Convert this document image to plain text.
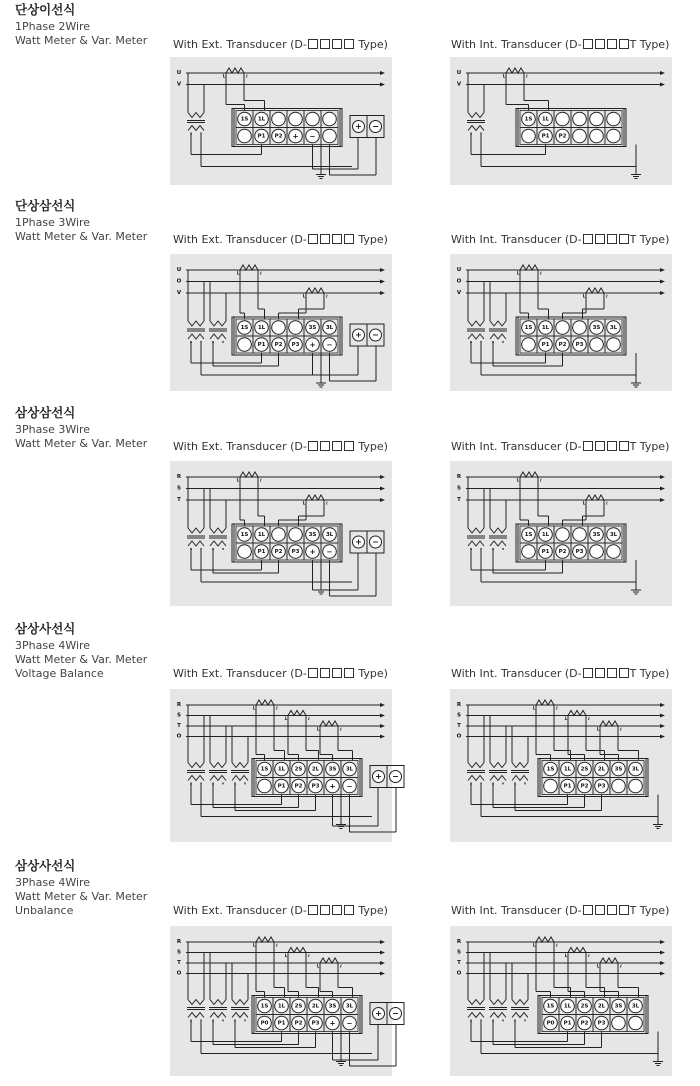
단상이선식
1Phase 2Wire
Watt Meter & Var. Meter
단상삼선식
1Phase 3Wire
Watt Meter & Var. Meter
삼상삼선식
3Phase 3Wire
Watt Meter & Var. Meter
삼상사선식
3Phase 4Wire
Watt Meter & Var. Meter
Voltage Balance
삼상사선식
3Phase 4Wire
Watt Meter & Var. Meter
Unbalance
With Ext. Transducer (D-	Type)
U
V
L	ℓ
1S 1L
P1 P2 + −
u v
+ −
With Int. Transducer (D-	T Type)
U
V
L	ℓ
1S 1L
P1 P2
u v
With Ext. Transducer (D-	Type)
U
O
V
L	ℓ
L	ℓ
1S 1L	3S 3L
P1 P2 P3 + −
u v	u v
+ −
With Int. Transducer (D-	T Type)
U
O
V
L	ℓ
L	ℓ
1S 1L	3S 3L
P1 P2 P3
u v	u v
With Ext. Transducer (D-	Type)
R
S
T
L	ℓ
L	ℓ
1S 1L	3S 3L
P1 P2 P3 + −
u v	u v
+ −
With Int. Transducer (D-	T Type)
R
S
T
L	ℓ
L	ℓ
1S 1L	3S 3L
P1 P2 P3
u v	u v
With Ext. Transducer (D-	Type)
R
S
T
O
L	ℓ
L	ℓ
L	ℓ
1S 1L 2S 2L 3S 3L
P1 P2 P3 + −
u v	u v	u v
+ −
With Int. Transducer (D-	T Type)
R
S
T
O
L	ℓ
L	ℓ
L	ℓ
1S 1L 2S 2L 3S 3L
P1 P2 P3
u v	u v	u v
With Ext. Transducer (D-	Type)
R
S
T
O
L	ℓ
L	ℓ
L	ℓ
1S 1L 2S 2L 3S 3L
P0 P1 P2 P3 + −
u v	u v	u v
+ −
With Int. Transducer (D-	T Type)
R
S
T
O
L	ℓ
L	ℓ
L	ℓ
1S 1L 2S 2L 3S 3L
P0 P1 P2 P3
u v	u v	u v
